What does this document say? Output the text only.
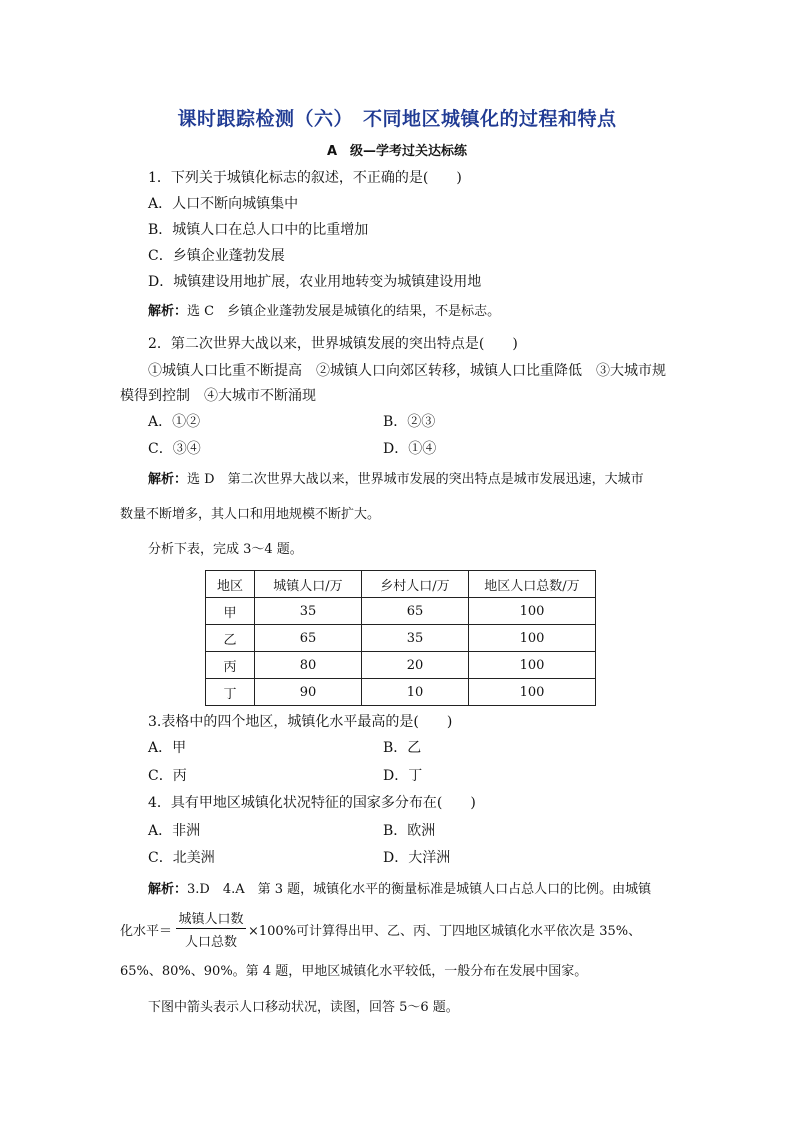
课时跟踪检测（六）　不同地区城镇化的过程和特点
A　级—学考过关达标练
1．下列关于城镇化标志的叙述，不正确的是(　　)
A．人口不断向城镇集中
B．城镇人口在总人口中的比重增加
C．乡镇企业蓬勃发展
D．城镇建设用地扩展，农业用地转变为城镇建设用地
解析：选 C　乡镇企业蓬勃发展是城镇化的结果，不是标志。
2．第二次世界大战以来，世界城镇发展的突出特点是(　　)
①城镇人口比重不断提高　②城镇人口向郊区转移，城镇人口比重降低　③大城市规
模得到控制　④大城市不断涌现
A．①②	B．②③
C．③④	D．①④
解析：选 D　第二次世界大战以来，世界城市发展的突出特点是城市发展迅速，大城市
数量不断增多，其人口和用地规模不断扩大。
分析下表，完成 3～4 题。
地区	城镇人口/万	乡村人口/万	地区人口总数/万
甲	35	65	100
乙	65	35	100
丙	80	20	100
丁	90	10	100
3.表格中的四个地区，城镇化水平最高的是(　　)
A．甲	B．乙
C．丙	D．丁
4．具有甲地区城镇化状况特征的国家多分布在(　　)
A．非洲	B．欧洲
C．北美洲	D．大洋洲
解析：3.D　4.A　第 3 题，城镇化水平的衡量标准是城镇人口占总人口的比例。由城镇
化水平＝
城镇人口数
人口总数
×100%可计算得出甲、乙、丙、丁四地区城镇化水平依次是 35%、
65%、80%、90%。第 4 题，甲地区城镇化水平较低，一般分布在发展中国家。
下图中箭头表示人口移动状况，读图，回答 5～6 题。
